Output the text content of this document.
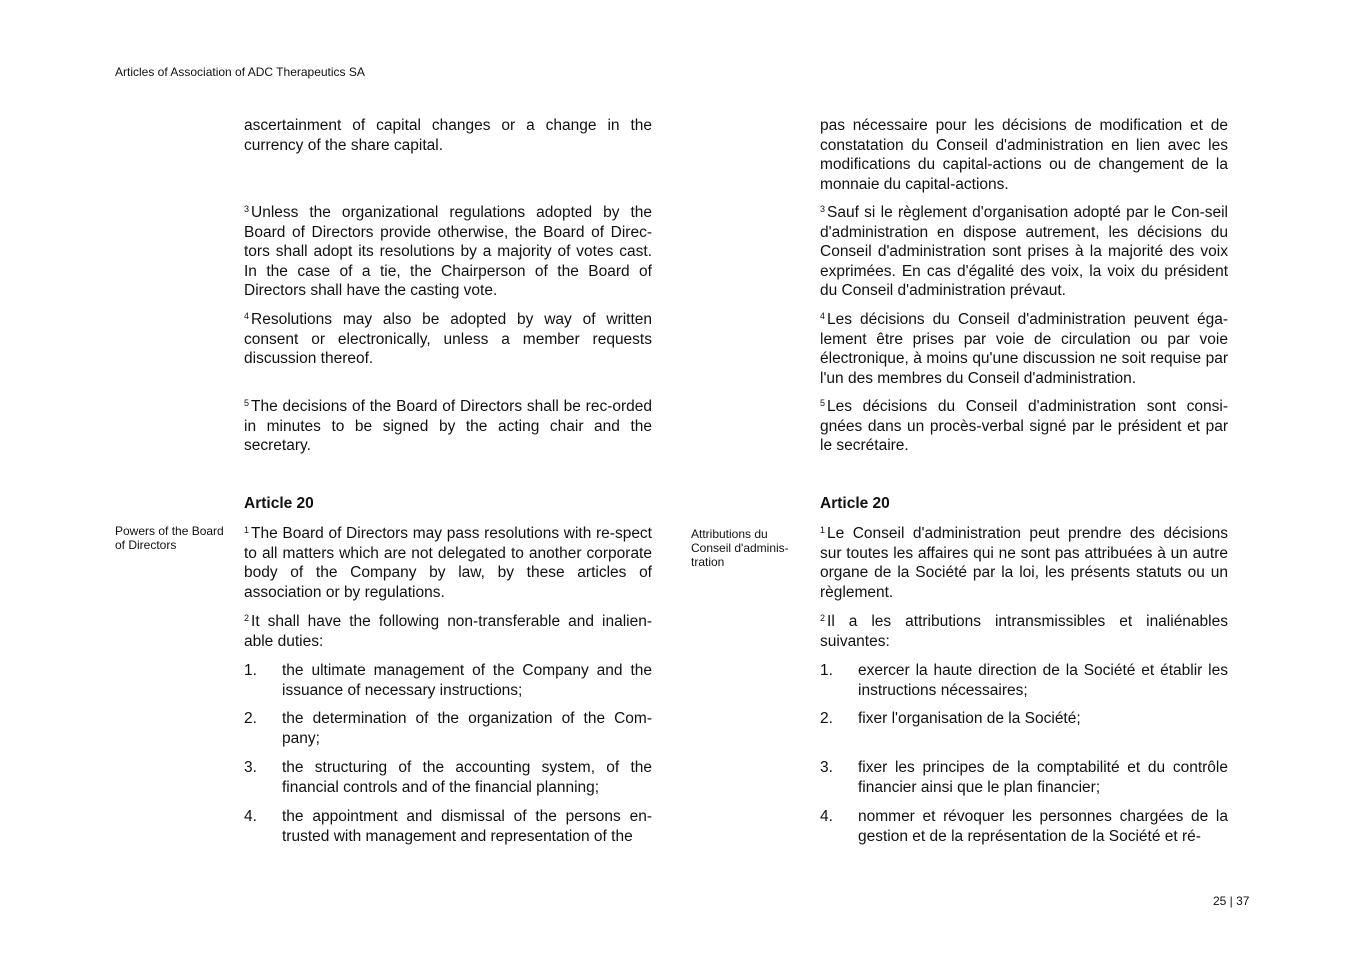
Articles of Association of ADC Therapeutics SA

ascertainment of capital changes or a change in the currency of the share capital.

$^3$ Unless the organizational regulations adopted by the Board of Directors provide otherwise, the Board of Direc-tors shall adopt its resolutions by a majority of votes cast. In the case of a tie, the Chairperson of the Board of Directors shall have the casting vote.

$^4$ Resolutions may also be adopted by way of written consent or electronically, unless a member requests discussion thereof.

$^5$ The decisions of the Board of Directors shall be rec-orded in minutes to be signed by the acting chair and the secretary.

Article 20
Powers of the Board of Directors

$^1$ The Board of Directors may pass resolutions with re-spect to all matters which are not delegated to another corporate body of the Company by law, by these articles of association or by regulations.

$^2$ It shall have the following non-transferable and inalien-able duties:

1.	the ultimate management of the Company and the issuance of necessary instructions;
2.	the determination of the organization of the Com-pany;
3.	the structuring of the accounting system, of the financial controls and of the financial planning;
4.	the appointment and dismissal of the persons en-trusted with management and representation of the

pas nécessaire pour les décisions de modification et de constatation du Conseil d'administration en lien avec les modifications du capital-actions ou de changement de la monnaie du capital-actions.

$^3$ Sauf si le règlement d'organisation adopté par le Con-seil d'administration en dispose autrement, les décisions du Conseil d'administration sont prises à la majorité des voix exprimées. En cas d'égalité des voix, la voix du président du Conseil d'administration prévaut.

$^4$ Les décisions du Conseil d'administration peuvent éga-lement être prises par voie de circulation ou par voie électronique, à moins qu'une discussion ne soit requise par l'un des membres du Conseil d'administration.

$^5$ Les décisions du Conseil d'administration sont consi-gnées dans un procès-verbal signé par le président et par le secrétaire.

Article 20
Attributions du Conseil d'adminis-tration

$^1$ Le Conseil d'administration peut prendre des décisions sur toutes les affaires qui ne sont pas attribuées à un autre organe de la Société par la loi, les présents statuts ou un règlement.

$^2$ Il a les attributions intransmissibles et inaliénables suivantes:

1.	exercer la haute direction de la Société et établir les instructions nécessaires;
2.	fixer l'organisation de la Société;
3.	fixer les principes de la comptabilité et du contrôle financier ainsi que le plan financier;
4.	nommer et révoquer les personnes chargées de la gestion et de la représentation de la Société et ré-
25 | 37
